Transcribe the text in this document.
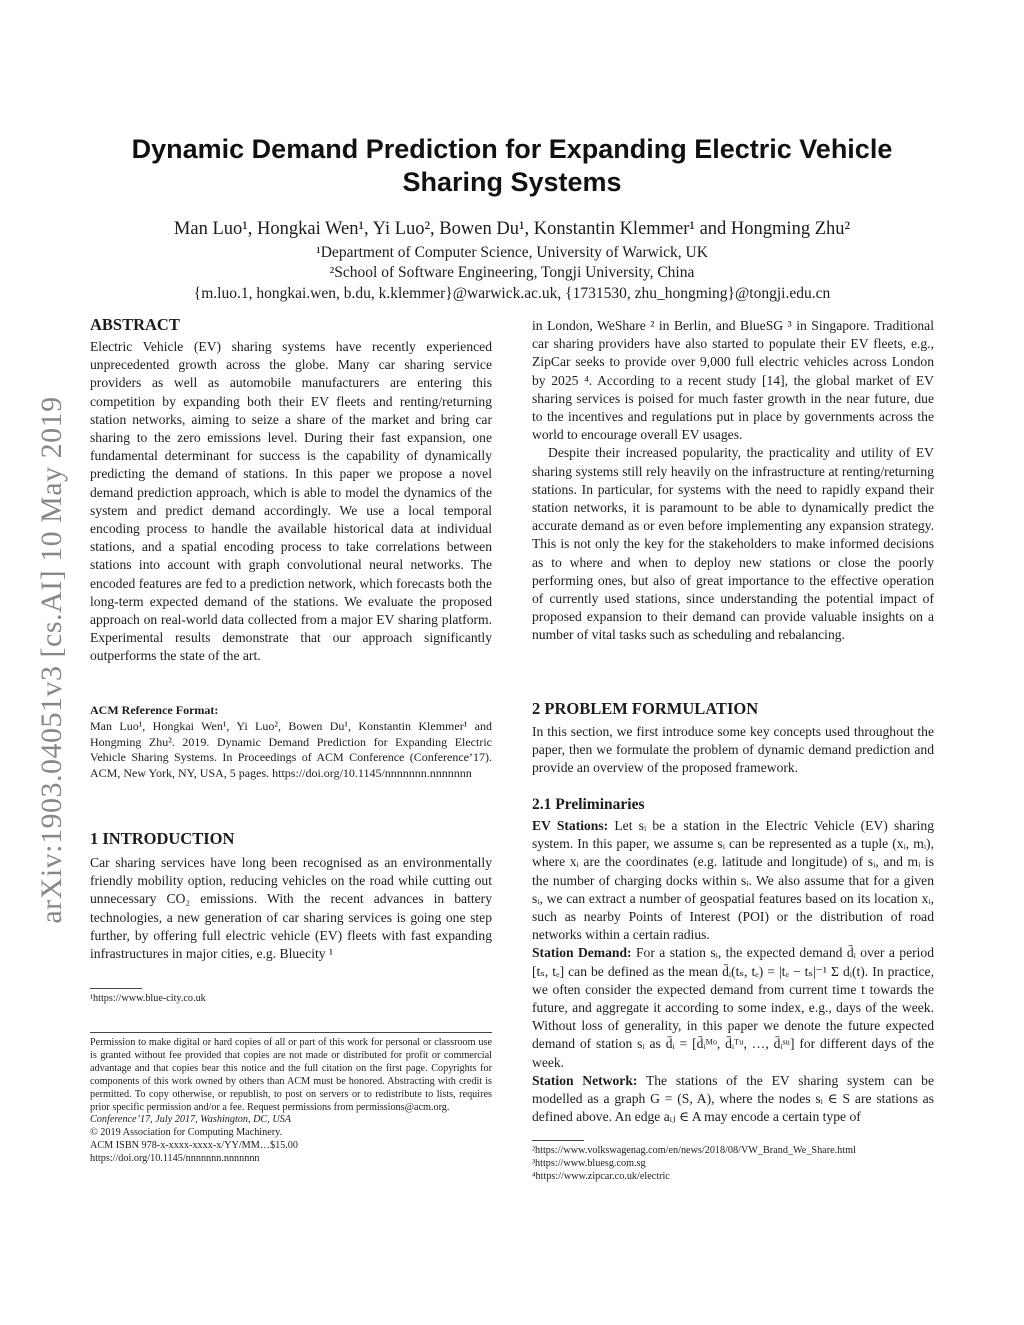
arXiv:1903.04051v3 [cs.AI] 10 May 2019
Dynamic Demand Prediction for Expanding Electric Vehicle
Sharing Systems
Man Luo¹, Hongkai Wen¹, Yi Luo², Bowen Du¹, Konstantin Klemmer¹ and Hongming Zhu²
¹Department of Computer Science, University of Warwick, UK
²School of Software Engineering, Tongji University, China
{m.luo.1, hongkai.wen, b.du, k.klemmer}@warwick.ac.uk, {1731530, zhu_hongming}@tongji.edu.cn
ABSTRACT

Electric Vehicle (EV) sharing systems have recently experienced unprecedented growth across the globe. Many car sharing service providers as well as automobile manufacturers are entering this competition by expanding both their EV fleets and renting/returning station networks, aiming to seize a share of the market and bring car sharing to the zero emissions level. During their fast expansion, one fundamental determinant for success is the capability of dynamically predicting the demand of stations. In this paper we propose a novel demand prediction approach, which is able to model the dynamics of the system and predict demand accordingly. We use a local temporal encoding process to handle the available historical data at individual stations, and a spatial encoding process to take correlations between stations into account with graph convolutional neural networks. The encoded features are fed to a prediction network, which forecasts both the long-term expected demand of the stations. We evaluate the proposed approach on real-world data collected from a major EV sharing platform. Experimental results demonstrate that our approach significantly outperforms the state of the art.

ACM Reference Format:

Man Luo¹, Hongkai Wen¹, Yi Luo², Bowen Du¹, Konstantin Klemmer¹ and Hongming Zhu². 2019. Dynamic Demand Prediction for Expanding Electric Vehicle Sharing Systems. In Proceedings of ACM Conference (Conference’17). ACM, New York, NY, USA, 5 pages. https://doi.org/10.1145/nnnnnnn.nnnnnnn

1 INTRODUCTION

Car sharing services have long been recognised as an environmentally friendly mobility option, reducing vehicles on the road while cutting out unnecessary CO₂ emissions. With the recent advances in battery technologies, a new generation of car sharing services is going one step further, by offering full electric vehicle (EV) fleets with fast expanding infrastructures in major cities, e.g. Bluecity ¹

¹https://www.blue-city.co.uk

Permission to make digital or hard copies of all or part of this work for personal or classroom use is granted without fee provided that copies are not made or distributed for profit or commercial advantage and that copies bear this notice and the full citation on the first page. Copyrights for components of this work owned by others than ACM must be honored. Abstracting with credit is permitted. To copy otherwise, or republish, to post on servers or to redistribute to lists, requires prior specific permission and/or a fee. Request permissions from permissions@acm.org.

Conference’17, July 2017, Washington, DC, USA
© 2019 Association for Computing Machinery.
ACM ISBN 978-x-xxxx-xxxx-x/YY/MM…$15.00
https://doi.org/10.1145/nnnnnnn.nnnnnnn

in London, WeShare ² in Berlin, and BlueSG ³ in Singapore. Traditional car sharing providers have also started to populate their EV fleets, e.g., ZipCar seeks to provide over 9,000 full electric vehicles across London by 2025 ⁴. According to a recent study [14], the global market of EV sharing services is poised for much faster growth in the near future, due to the incentives and regulations put in place by governments across the world to encourage overall EV usages.

Despite their increased popularity, the practicality and utility of EV sharing systems still rely heavily on the infrastructure at renting/returning stations. In particular, for systems with the need to rapidly expand their station networks, it is paramount to be able to dynamically predict the accurate demand as or even before implementing any expansion strategy. This is not only the key for the stakeholders to make informed decisions as to where and when to deploy new stations or close the poorly performing ones, but also of great importance to the effective operation of currently used stations, since understanding the potential impact of proposed expansion to their demand can provide valuable insights on a number of vital tasks such as scheduling and rebalancing.

2 PROBLEM FORMULATION

In this section, we first introduce some key concepts used throughout the paper, then we formulate the problem of dynamic demand prediction and provide an overview of the proposed framework.

2.1 Preliminaries

EV Stations: Let sᵢ be a station in the Electric Vehicle (EV) sharing system. In this paper, we assume sᵢ can be represented as a tuple (xᵢ, mᵢ), where xᵢ are the coordinates (e.g. latitude and longitude) of sᵢ, and mᵢ is the number of charging docks within sᵢ. We also assume that for a given sᵢ, we can extract a number of geospatial features based on its location xᵢ, such as nearby Points of Interest (POI) or the distribution of road networks within a certain radius.

Station Demand: For a station sᵢ, the expected demand d̄ᵢ over a period [tₛ, tₑ] can be defined as the mean d̄ᵢ(tₛ, tₑ) = |tₑ − tₛ|⁻¹ Σ dᵢ(t). In practice, we often consider the expected demand from current time t towards the future, and aggregate it according to some index, e.g., days of the week. Without loss of generality, in this paper we denote the future expected demand of station sᵢ as d̄ᵢ = [d̄ᵢᴹᵒ, d̄ᵢᵀᵘ, …, d̄ᵢˢᵘ] for different days of the week.

Station Network: The stations of the EV sharing system can be modelled as a graph G = (S, A), where the nodes sᵢ ∈ S are stations as defined above. An edge aᵢⱼ ∈ A may encode a certain type of

²https://www.volkswagenag.com/en/news/2018/08/VW_Brand_We_Share.html
³https://www.bluesg.com.sg
⁴https://www.zipcar.co.uk/electric
